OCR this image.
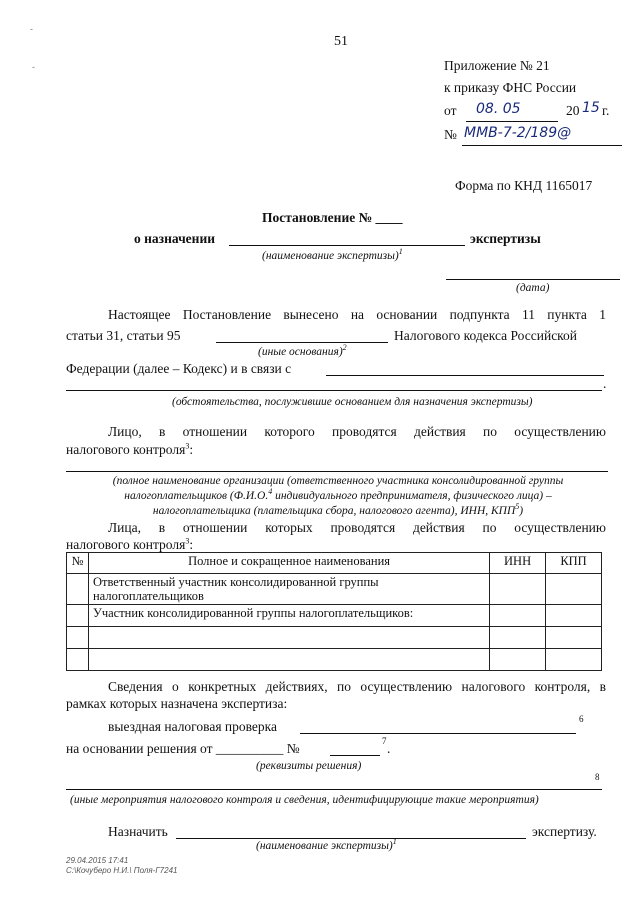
-
-
51
Приложение № 21
к приказу ФНС России
от 08. 05	20 15 г.
№ ММВ-7-2/189@
Форма по КНД 1165017
Постановление № ____
о назначении	экспертизы
(наименование экспертизы)$^1$
(дата)
Настоящее Постановление вынесено на основании подпункта 11 пункта 1
статьи 31, статьи 95	Налогового кодекса Российской
(иные основания)$^2$
Федерации (далее – Кодекс) и в связи с
.
(обстоятельства, послужившие основанием для назначения экспертизы)
Лицо, в отношении которого проводятся действия по осуществлению
налогового контроля$^3$:
(полное наименование организации (ответственного участника консолидированной группы
налогоплательщиков (Ф.И.О.$^4$ индивидуального предпринимателя, физического лица) –
налогоплательщика (плательщика сбора, налогового агента), ИНН, КПП$^5$)
Лица, в отношении которых проводятся действия по осуществлению
налогового контроля$^3$:
№	Полное и сокращенное наименования	ИНН	КПП
	Ответственный участник консолидированной группы налогоплательщиков		
	Участник консолидированной группы налогоплательщиков:		

Сведения о конкретных действиях, по осуществлению налогового контроля, в
рамках которых назначена экспертиза:
выездная налоговая проверка	6
на основании решения от __________ №	7 .
(реквизиты решения)
8
(иные мероприятия налогового контроля и сведения, идентифицирующие такие мероприятия)
Назначить	экспертизу.
(наименование экспертизы)$^1$
29.04.2015 17:41
С:\Кочуберо Н.И.\ Поля-Г7241
